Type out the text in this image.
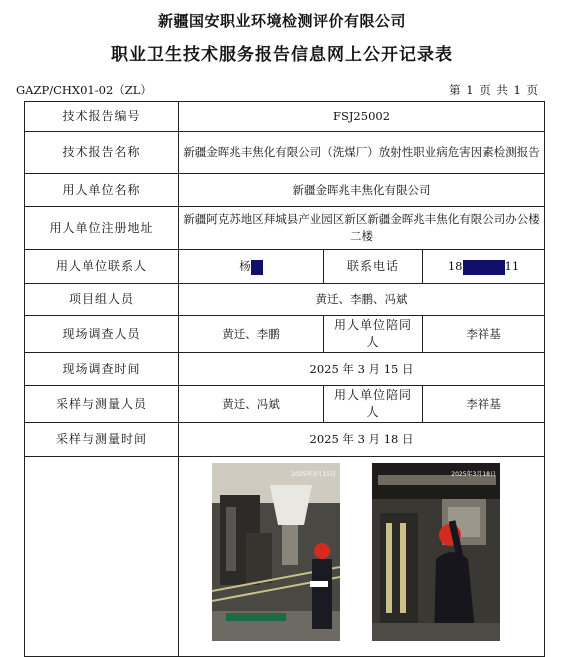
新疆国安职业环境检测评价有限公司
职业卫生技术服务报告信息网上公开记录表
GAZP/CHX01-02（ZL）	第 1 页 共 1 页
技术报告编号	FSJ25002		
技术报告名称	新疆金晖兆丰焦化有限公司（洗煤厂）放射性职业病危害因素检测报告		
用人单位名称	新疆金晖兆丰焦化有限公司		
用人单位注册地址	新疆阿克苏地区拜城县产业园区新区新疆金晖兆丰焦化有限公司办公楼二楼		
用人单位联系人	杨	联系电话	18 11
项目组人员	黄迁、李鹏、冯斌		
现场调查人员	黄迁、李鹏	用人单位陪同人	李祥基
现场调查时间	2025 年 3 月 15 日		
采样与测量人员	黄迁、冯斌	用人单位陪同人	李祥基
采样与测量时间	2025 年 3 月 18 日		

	2025年3月15日 2025年3月18日		
